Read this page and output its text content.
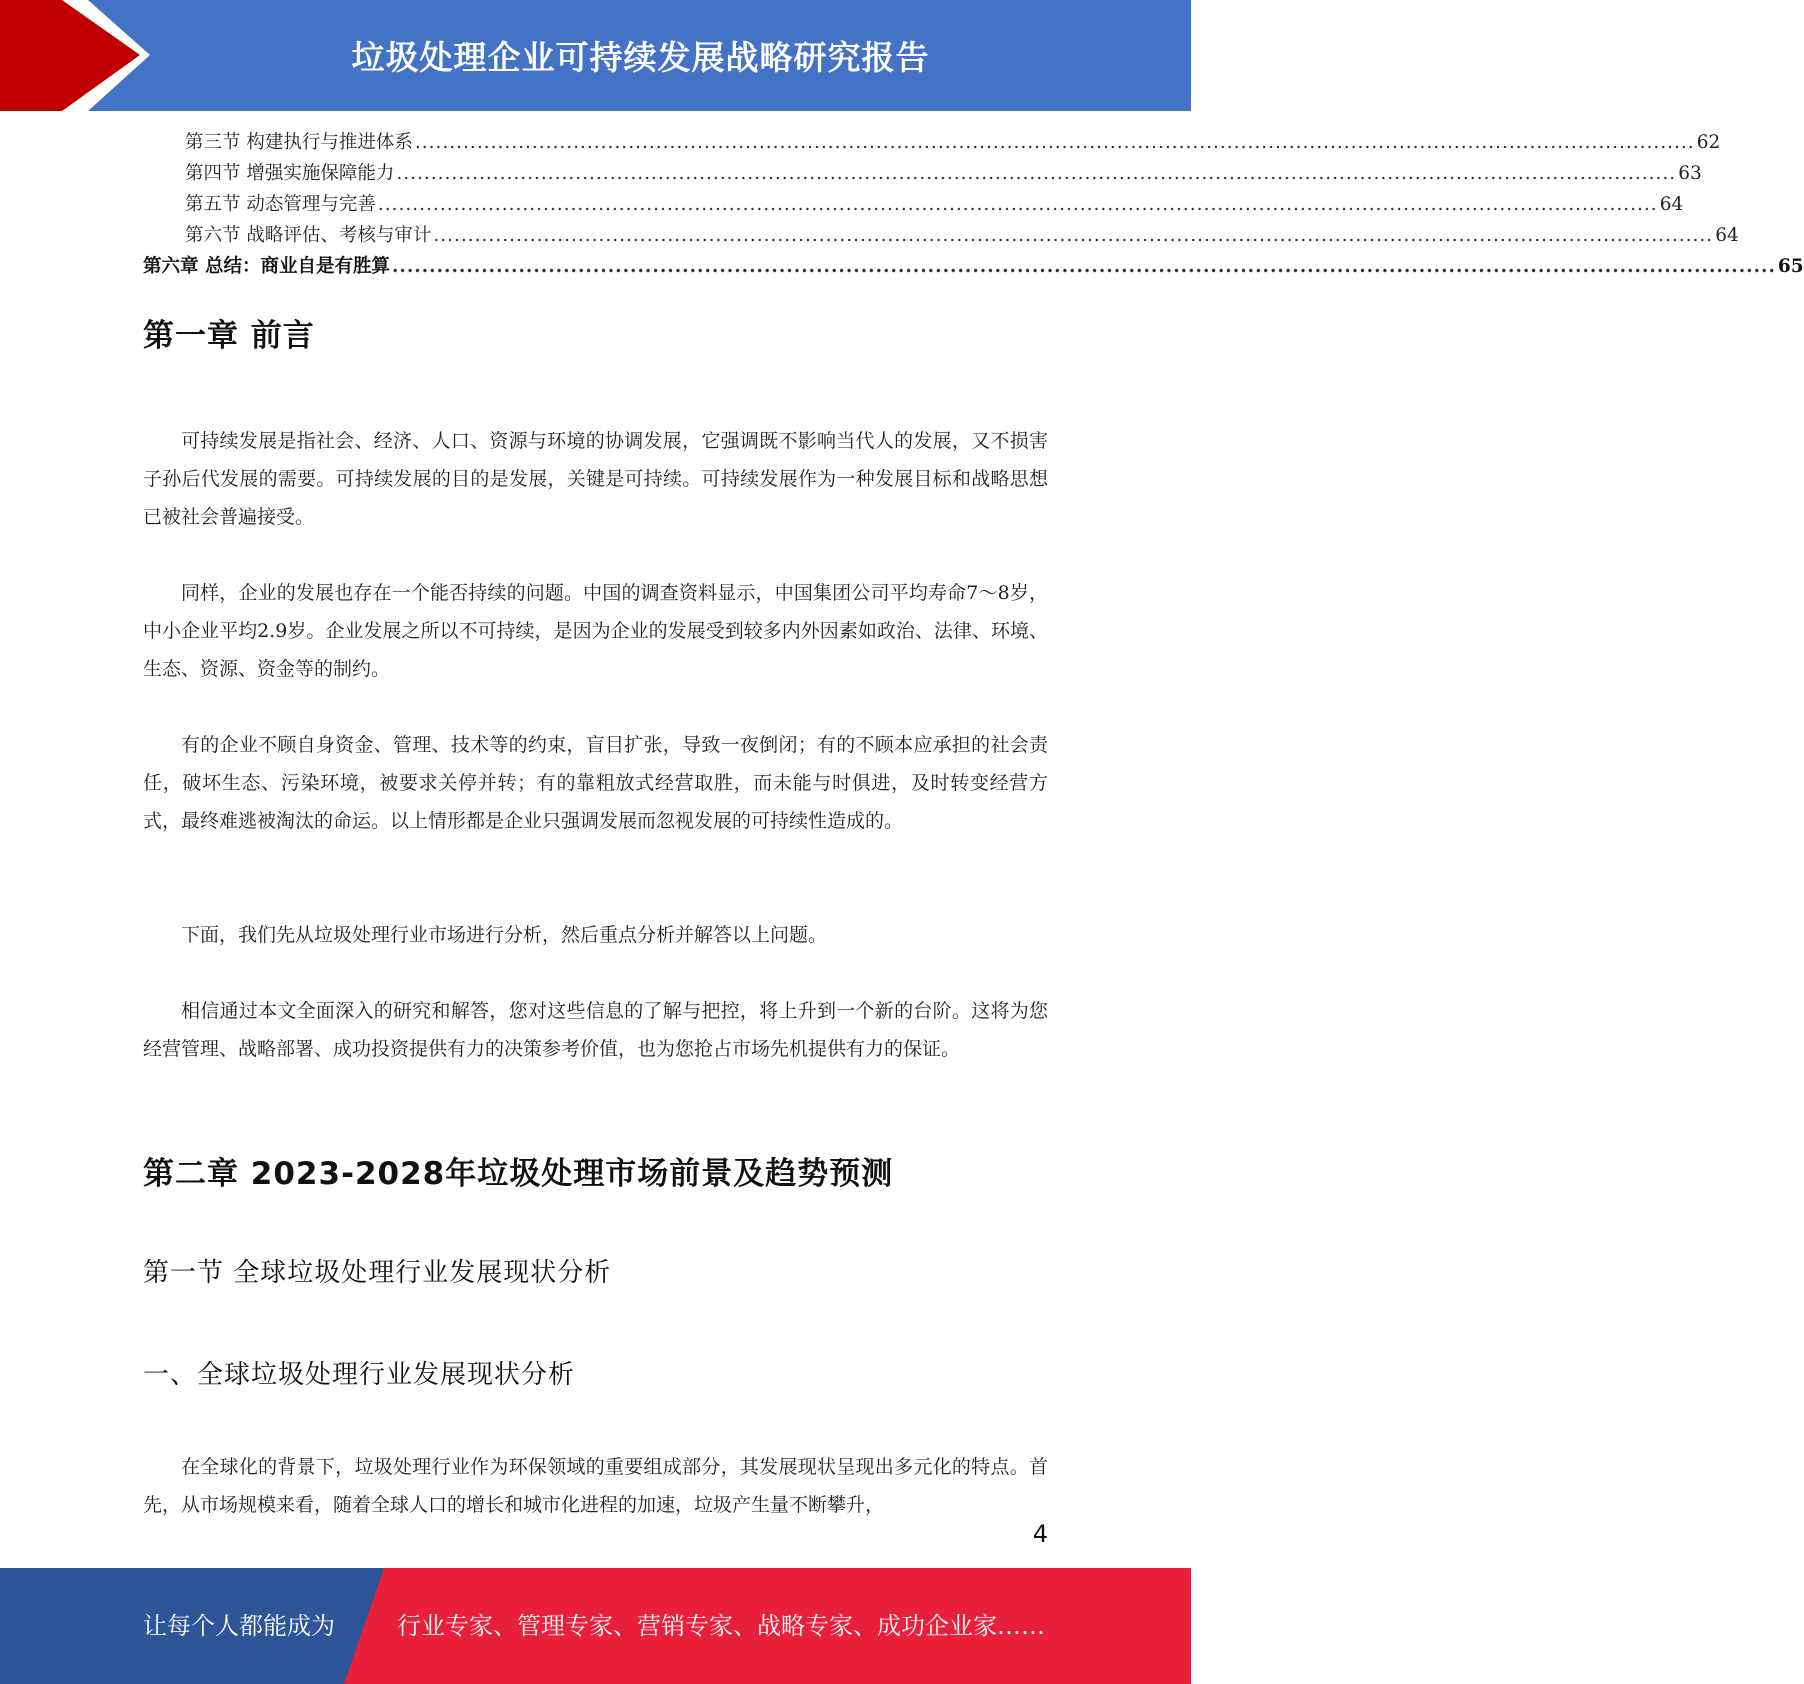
垃圾处理企业可持续发展战略研究报告
第三节 构建执行与推进体系 .......................................................................................................................................................................................... 62
第四节 增强实施保障能力 .......................................................................................................................................................................................... 63
第五节 动态管理与完善 .......................................................................................................................................................................................... 64
第六节 战略评估、考核与审计 .......................................................................................................................................................................................... 64
第六章 总结：商业自是有胜算 .......................................................................................................................................................................................... 65
第一章 前言

可持续发展是指社会、经济、人口、资源与环境的协调发展，它强调既不影响当代人的发展，又不损害子孙后代发展的需要。可持续发展的目的是发展，关键是可持续。可持续发展作为一种发展目标和战略思想已被社会普遍接受。

同样，企业的发展也存在一个能否持续的问题。中国的调查资料显示，中国集团公司平均寿命7～8岁，中小企业平均2.9岁。企业发展之所以不可持续，是因为企业的发展受到较多内外因素如政治、法律、环境、生态、资源、资金等的制约。

有的企业不顾自身资金、管理、技术等的约束，盲目扩张，导致一夜倒闭；有的不顾本应承担的社会责任，破坏生态、污染环境，被要求关停并转；有的靠粗放式经营取胜，而未能与时俱进，及时转变经营方式，最终难逃被淘汰的命运。以上情形都是企业只强调发展而忽视发展的可持续性造成的。

下面，我们先从垃圾处理行业市场进行分析，然后重点分析并解答以上问题。

相信通过本文全面深入的研究和解答，您对这些信息的了解与把控，将上升到一个新的台阶。这将为您经营管理、战略部署、成功投资提供有力的决策参考价值，也为您抢占市场先机提供有力的保证。

第二章 2023-2028年垃圾处理市场前景及趋势预测
第一节 全球垃圾处理行业发展现状分析
一、全球垃圾处理行业发展现状分析

在全球化的背景下，垃圾处理行业作为环保领域的重要组成部分，其发展现状呈现出多元化的特点。首先，从市场规模来看，随着全球人口的增长和城市化进程的加速，垃圾产生量不断攀升，

4
让每个人都能成为	行业专家、管理专家、营销专家、战略专家、成功企业家……
